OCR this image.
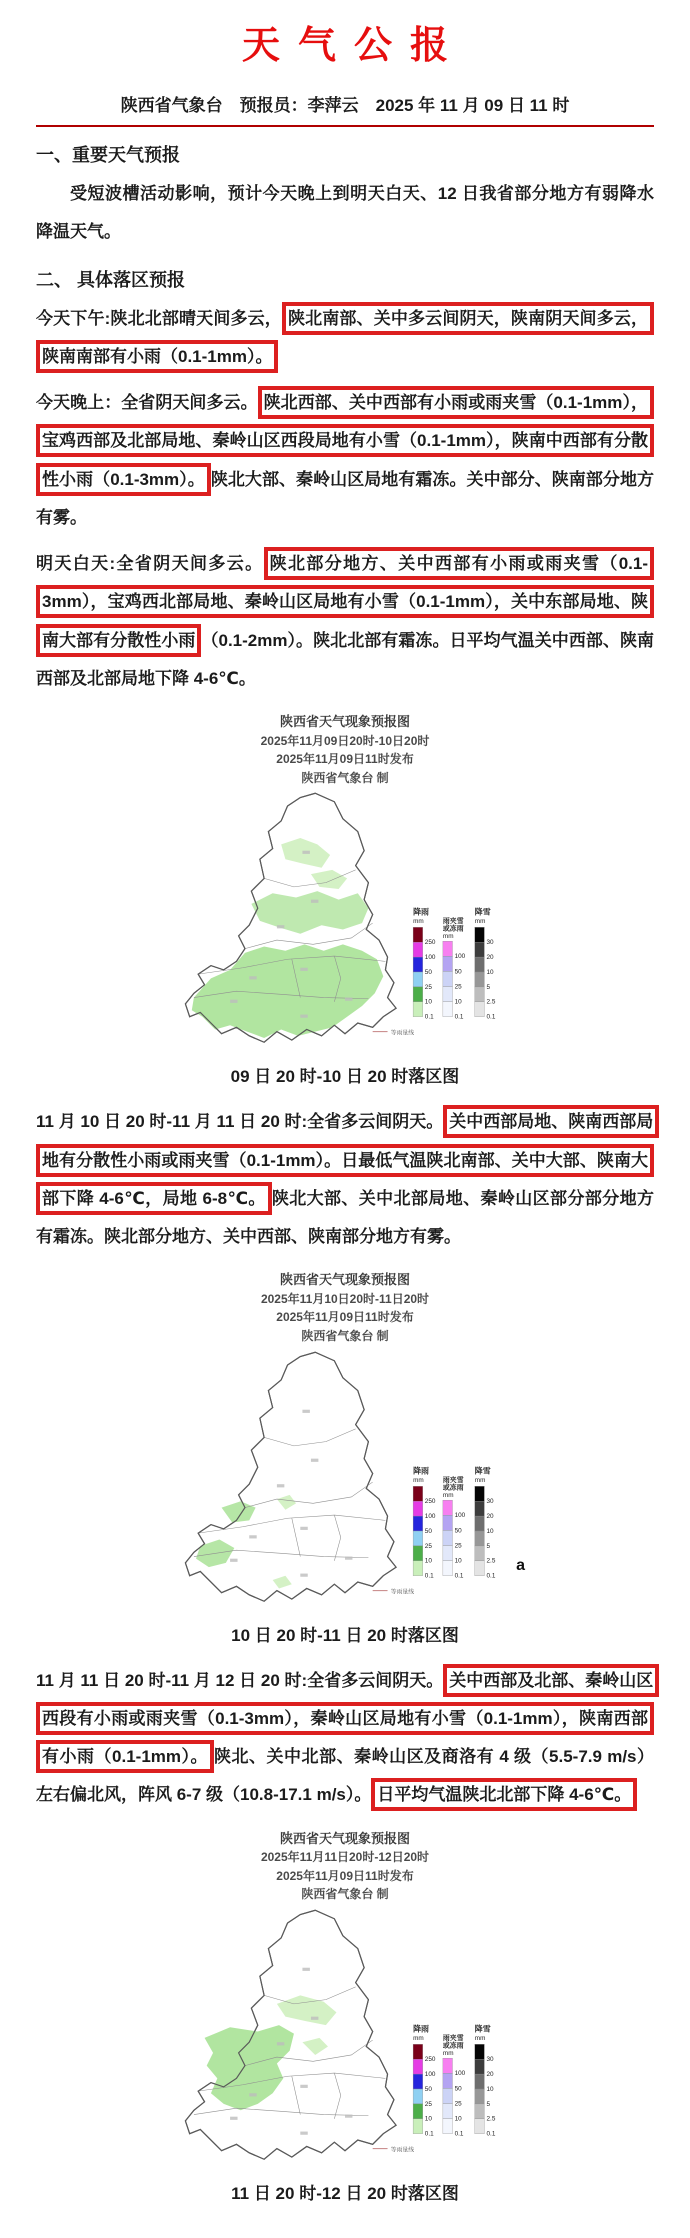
天气公报
陕西省气象台　预报员：李萍云　2025 年 11 月 09 日 11 时
一、重要天气预报

受短波槽活动影响，预计今天晚上到明天白天、12 日我省部分地方有弱降水降温天气。

二、 具体落区预报

今天下午:陕北北部晴天间多云， 陕北南部、关中多云间阴天，陕南阴天间多云，陕南南部有小雨（0.1-1mm）。

今天晚上：全省阴天间多云。 陕北西部、关中西部有小雨或雨夹雪（0.1-1mm），宝鸡西部及北部局地、秦岭山区西段局地有小雪（0.1-1mm），陕南中西部有分散性小雨（0.1-3mm）。 陕北大部、秦岭山区局地有霜冻。关中部分、陕南部分地方有雾。

明天白天:全省阴天间多云。 陕北部分地方、关中西部有小雨或雨夹雪（0.1-3mm），宝鸡西北部局地、秦岭山区局地有小雪（0.1-1mm），关中东部局地、陕南大部有分散性小雨 （0.1-2mm）。陕北北部有霜冻。日平均气温关中西部、陕南西部及北部局地下降 4-6℃。

陕西省天气现象预报图
2025年11月09日20时-10日20时
2025年11月09日11时发布
陕西省气象台 制
降雨
mm
250
100
50
25
10
0.1
雨夹雪
或冻雨
mm
100
50
25
10
0.1
降雪
mm
30
20
10
5
2.5
0.1
等雨量线
09 日 20 时-10 日 20 时落区图

11 月 10 日 20 时-11 月 11 日 20 时:全省多云间阴天。 关中西部局地、陕南西部局地有分散性小雨或雨夹雪（0.1-1mm）。日最低气温陕北南部、关中大部、陕南大部下降 4-6℃，局地 6-8℃。 陕北大部、关中北部局地、秦岭山区部分部分地方有霜冻。陕北部分地方、关中西部、陕南部分地方有雾。

陕西省天气现象预报图
2025年11月10日20时-11日20时
2025年11月09日11时发布
陕西省气象台 制
降雨
mm
250
100
50
25
10
0.1
雨夹雪
或冻雨
mm
100
50
25
10
0.1
降雪
mm
30
20
10
5
2.5
0.1
等雨量线
a
10 日 20 时-11 日 20 时落区图

11 月 11 日 20 时-11 月 12 日 20 时:全省多云间阴天。 关中西部及北部、秦岭山区西段有小雨或雨夹雪（0.1-3mm），秦岭山区局地有小雪（0.1-1mm），陕南西部有小雨（0.1-1mm）。 陕北、关中北部、秦岭山区及商洛有 4 级（5.5-7.9 m/s）左右偏北风，阵风 6-7 级（10.8-17.1 m/s）。 日平均气温陕北北部下降 4-6℃。

陕西省天气现象预报图
2025年11月11日20时-12日20时
2025年11月09日11时发布
陕西省气象台 制
降雨
mm
250
100
50
25
10
0.1
雨夹雪
或冻雨
mm
100
50
25
10
0.1
降雪
mm
30
20
10
5
2.5
0.1
等雨量线
11 日 20 时-12 日 20 时落区图
